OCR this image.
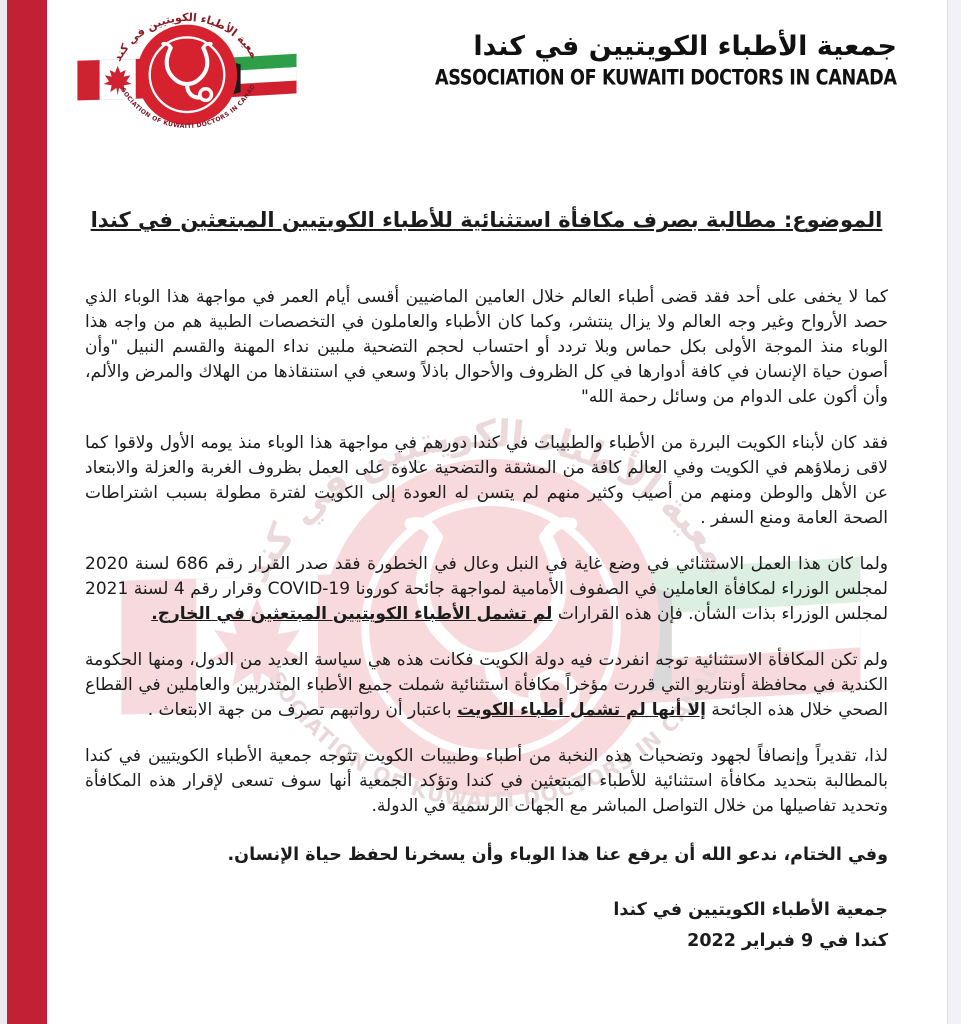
جمعية الأطباء الكويتيين في كندا
ASSOCIATION OF KUWAITI DOCTORS IN CANADA
الموضوع: مطالبة بصرف مكافأة استثنائية للأطباء الكويتيين المبتعثين في كندا

كما لا يخفى على أحد فقد قضى أطباء العالم خلال العامين الماضيين أقسى أيام العمر في مواجهة هذا الوباء الذي حصد الأرواح وغير وجه العالم ولا يزال ينتشر، وكما كان الأطباء والعاملون في التخصصات الطبية هم من واجه هذا الوباء منذ الموجة الأولى بكل حماس وبلا تردد أو احتساب لحجم التضحية ملبين نداء المهنة والقسم النبيل "وأن أصون حياة الإنسان في كافة أدوارها في كل الظروف والأحوال باذلاً وسعي في استنقاذها من الهلاك والمرض والألم، وأن أكون على الدوام من وسائل رحمة الله"

فقد كان لأبناء الكويت البررة من الأطباء والطبيبات في كندا دورهم في مواجهة هذا الوباء منذ يومه الأول ولاقوا كما لاقى زملاؤهم في الكويت وفي العالم كافة من المشقة والتضحية علاوة على العمل بظروف الغربة والعزلة والابتعاد عن الأهل والوطن ومنهم من أصيب وكثير منهم لم يتسن له العودة إلى الكويت لفترة مطولة بسبب اشتراطات الصحة العامة ومنع السفر .

ولما كان هذا العمل الاستثنائي في وضع غاية في النبل وعال في الخطورة فقد صدر القرار رقم 686 لسنة 2020 لمجلس الوزراء لمكافأة العاملين في الصفوف الأمامية لمواجهة جائحة كورونا COVID-19 وقرار رقم 4 لسنة 2021 لمجلس الوزراء بذات الشأن. فإن هذه القرارات لم تشمل الأطباء الكويتيين المبتعثين في الخارج.

ولم تكن المكافأة الاستثنائية توجه انفردت فيه دولة الكويت فكانت هذه هي سياسة العديد من الدول، ومنها الحكومة الكندية في محافظة أونتاريو التي قررت مؤخراً مكافأة استثنائية شملت جميع الأطباء المتدربين والعاملين في القطاع الصحي خلال هذه الجائحة إلا أنها لم تشمل أطباء الكويت باعتبار أن رواتبهم تصرف من جهة الابتعاث .

لذا، تقديراً وإنصافاً لجهود وتضحيات هذه النخبة من أطباء وطبيبات الكويت تتوجه جمعية الأطباء الكويتيين في كندا بالمطالبة بتحديد مكافأة استثنائية للأطباء المبتعثين في كندا وتؤكد الجمعية أنها سوف تسعى لإقرار هذه المكافأة وتحديد تفاصيلها من خلال التواصل المباشر مع الجهات الرسمية في الدولة.

وفي الختام، ندعو الله أن يرفع عنا هذا الوباء وأن يسخرنا لحفظ حياة الإنسان.

جمعية الأطباء الكويتيين في كندا
كندا في 9 فبراير 2022
